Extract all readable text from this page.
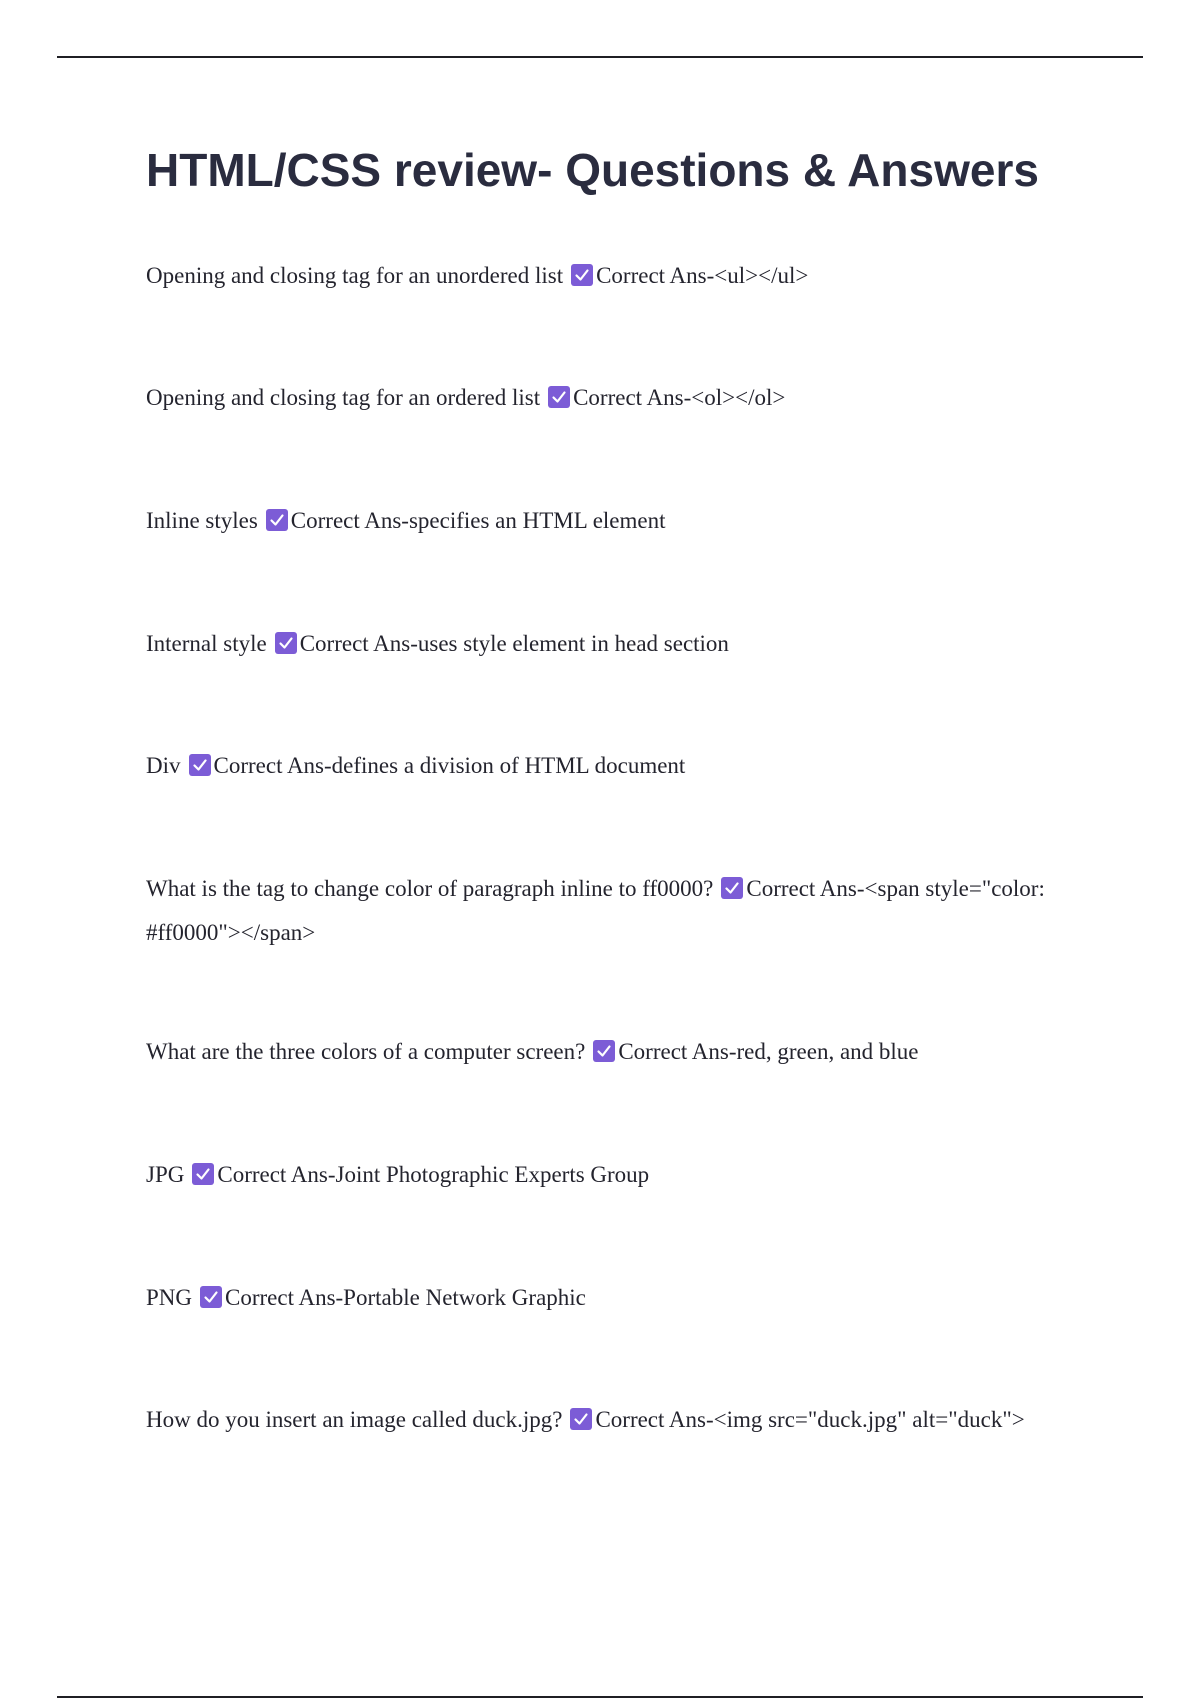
HTML/CSS review- Questions & Answers
Opening and closing tag for an unordered list Correct Ans-<ul></ul>
Opening and closing tag for an ordered list Correct Ans-<ol></ol>
Inline styles Correct Ans-specifies an HTML element
Internal style Correct Ans-uses style element in head section
Div Correct Ans-defines a division of HTML document
What is the tag to change color of paragraph inline to ff0000? Correct Ans-<span style="color: #ff0000"></span>
What are the three colors of a computer screen? Correct Ans-red, green, and blue
JPG Correct Ans-Joint Photographic Experts Group
PNG Correct Ans-Portable Network Graphic
How do you insert an image called duck.jpg? Correct Ans-<img src="duck.jpg" alt="duck">
